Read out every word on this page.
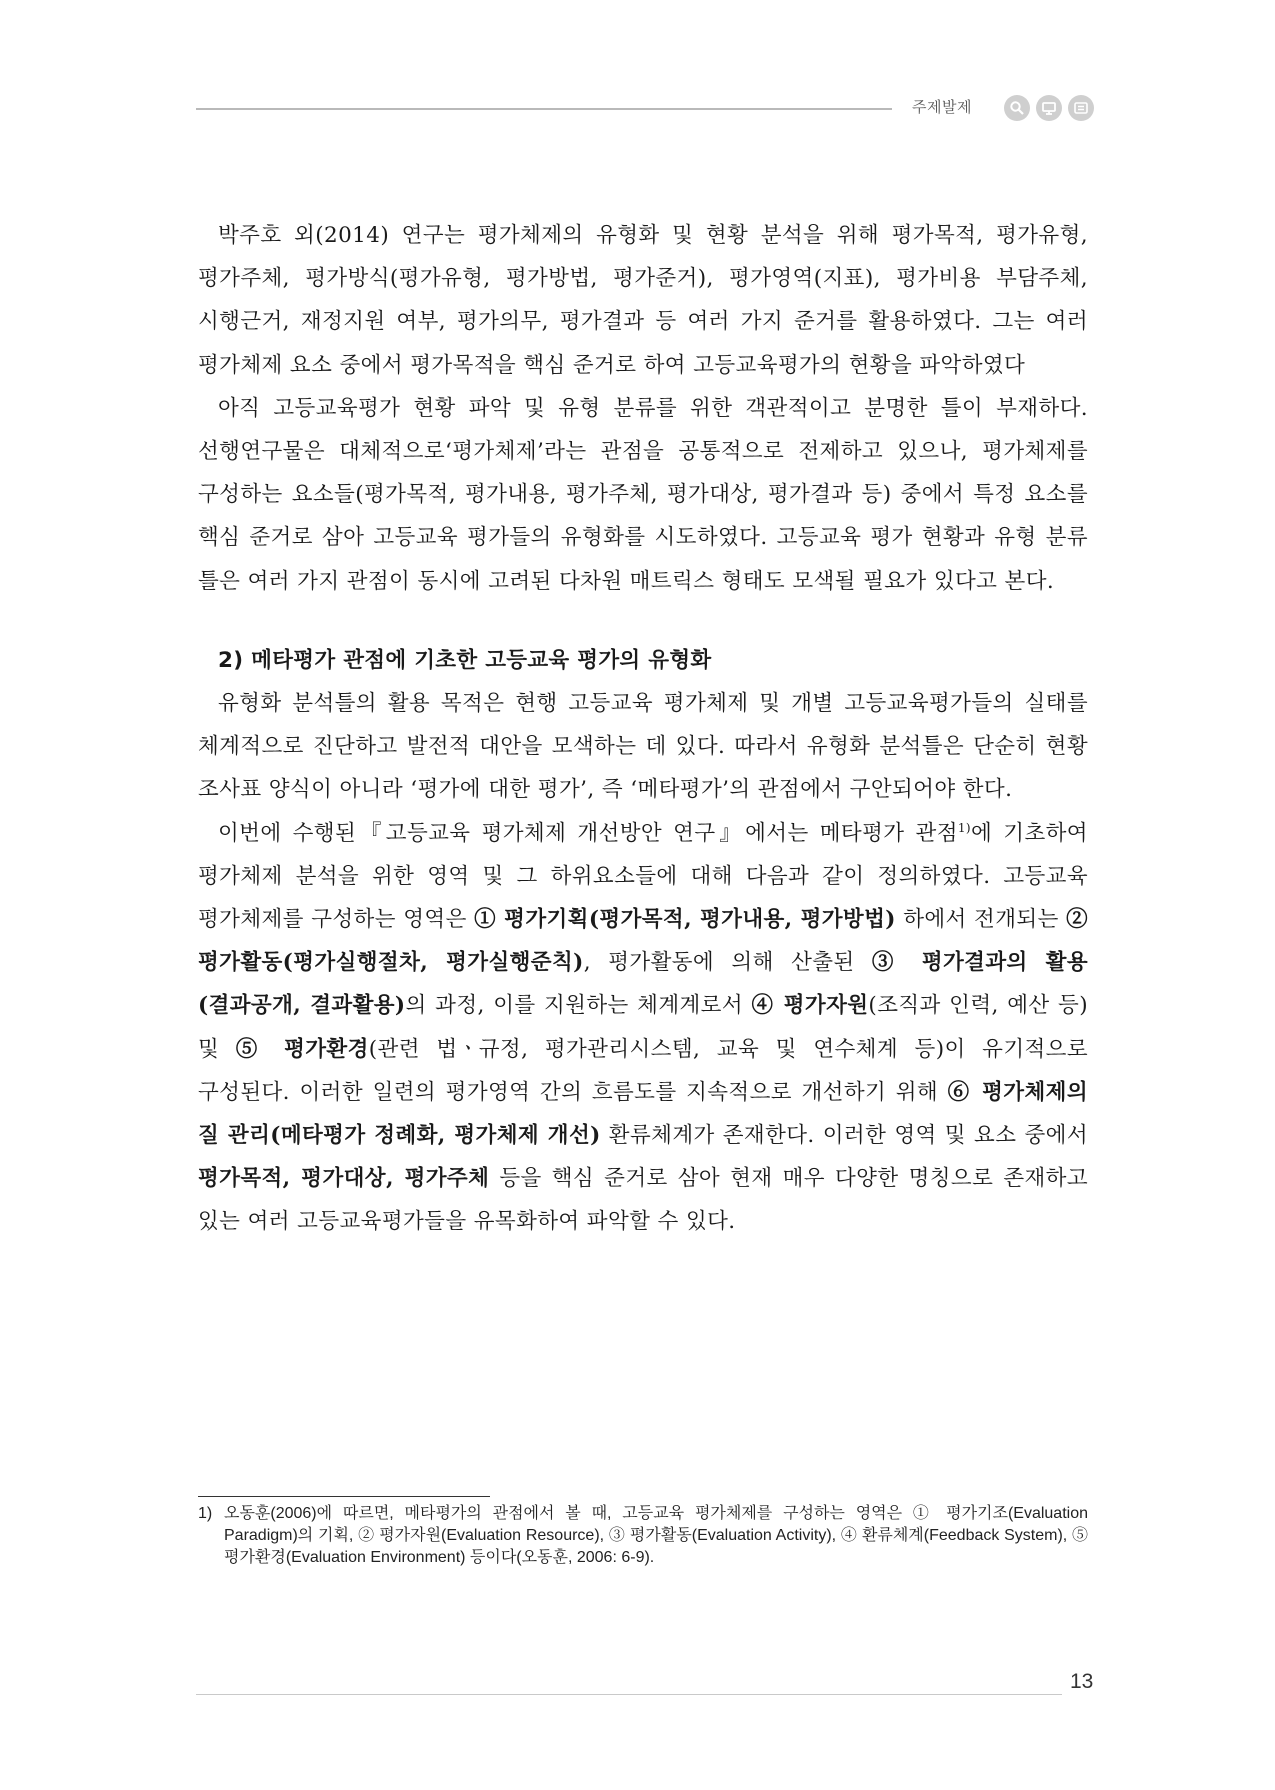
주제발제

박주호 외(2014) 연구는 평가체제의 유형화 및 현황 분석을 위해 평가목적, 평가유형, 평가주체, 평가방식(평가유형, 평가방법, 평가준거), 평가영역(지표), 평가비용 부담주체, 시행근거, 재정지원 여부, 평가의무, 평가결과 등 여러 가지 준거를 활용하였다. 그는 여러 평가체제 요소 중에서 평가목적을 핵심 준거로 하여 고등교육평가의 현황을 파악하였다

아직 고등교육평가 현황 파악 및 유형 분류를 위한 객관적이고 분명한 틀이 부재하다. 선행연구물은 대체적으로‘평가체제’라는 관점을 공통적으로 전제하고 있으나, 평가체제를 구성하는 요소들(평가목적, 평가내용, 평가주체, 평가대상, 평가결과 등) 중에서 특정 요소를 핵심 준거로 삼아 고등교육 평가들의 유형화를 시도하였다. 고등교육 평가 현황과 유형 분류 틀은 여러 가지 관점이 동시에 고려된 다차원 매트릭스 형태도 모색될 필요가 있다고 본다.

2) 메타평가 관점에 기초한 고등교육 평가의 유형화

유형화 분석틀의 활용 목적은 현행 고등교육 평가체제 및 개별 고등교육평가들의 실태를 체계적으로 진단하고 발전적 대안을 모색하는 데 있다. 따라서 유형화 분석틀은 단순히 현황 조사표 양식이 아니라 ‘평가에 대한 평가’, 즉 ‘메타평가’의 관점에서 구안되어야 한다.

이번에 수행된『고등교육 평가체제 개선방안 연구』에서는 메타평가 관점$^{1)}$에 기초하여 평가체제 분석을 위한 영역 및 그 하위요소들에 대해 다음과 같이 정의하였다. 고등교육 평가체제를 구성하는 영역은 ① 평가기획(평가목적, 평가내용, 평가방법) 하에서 전개되는 ② 평가활동(평가실행절차, 평가실행준칙), 평가활동에 의해 산출된 ③ 평가결과의 활용(결과공개, 결과활용)의 과정, 이를 지원하는 체계계로서 ④ 평가자원(조직과 인력, 예산 등) 및 ⑤ 평가환경(관련 법ㆍ규정, 평가관리시스템, 교육 및 연수체계 등)이 유기적으로 구성된다. 이러한 일련의 평가영역 간의 흐름도를 지속적으로 개선하기 위해 ⑥ 평가체제의 질 관리(메타평가 정례화, 평가체제 개선) 환류체계가 존재한다. 이러한 영역 및 요소 중에서 평가목적, 평가대상, 평가주체 등을 핵심 준거로 삼아 현재 매우 다양한 명칭으로 존재하고 있는 여러 고등교육평가들을 유목화하여 파악할 수 있다.

1) 오동훈(2006)에 따르면, 메타평가의 관점에서 볼 때, 고등교육 평가체제를 구성하는 영역은 ① 평가기조(Evaluation Paradigm)의 기획, ② 평가자원(Evaluation Resource), ③ 평가활동(Evaluation Activity), ④ 환류체계(Feedback System), ⑤ 평가환경(Evaluation Environment) 등이다(오동훈, 2006: 6-9).
13
